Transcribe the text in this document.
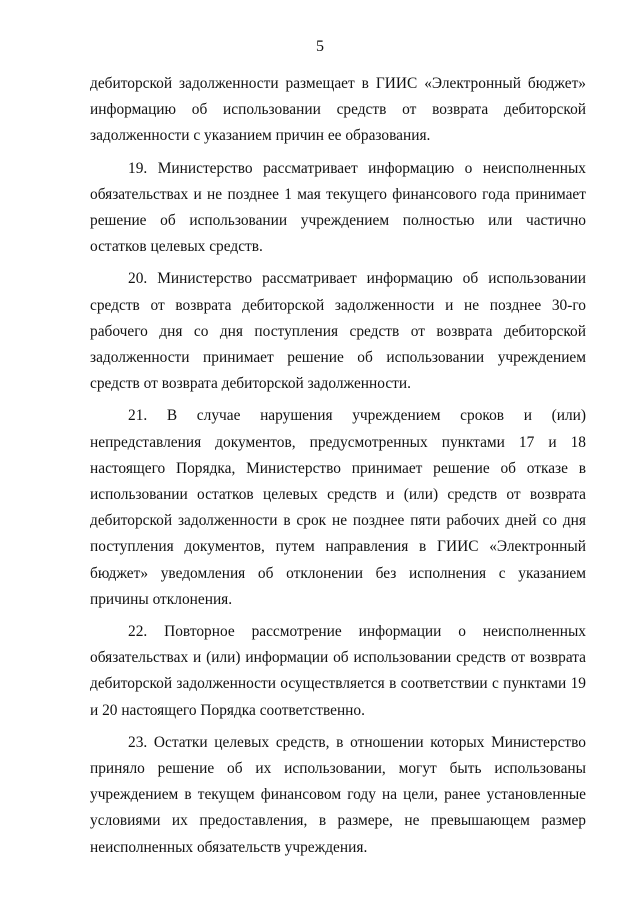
5

дебиторской задолженности размещает в ГИИС «Электронный бюджет» информацию об использовании средств от возврата дебиторской задолженности с указанием причин ее образования.

19. Министерство рассматривает информацию о неисполненных обязательствах и не позднее 1 мая текущего финансового года принимает решение об использовании учреждением полностью или частично остатков целевых средств.

20. Министерство рассматривает информацию об использовании средств от возврата дебиторской задолженности и не позднее 30-го рабочего дня со дня поступления средств от возврата дебиторской задолженности принимает решение об использовании учреждением средств от возврата дебиторской задолженности.

21. В случае нарушения учреждением сроков и (или) непредставления документов, предусмотренных пунктами 17 и 18 настоящего Порядка, Министерство принимает решение об отказе в использовании остатков целевых средств и (или) средств от возврата дебиторской задолженности в срок не позднее пяти рабочих дней со дня поступления документов, путем направления в ГИИС «Электронный бюджет» уведомления об отклонении без исполнения с указанием причины отклонения.

22. Повторное рассмотрение информации о неисполненных обязательствах и (или) информации об использовании средств от возврата дебиторской задолженности осуществляется в соответствии с пунктами 19 и 20 настоящего Порядка соответственно.

23. Остатки целевых средств, в отношении которых Министерство приняло решение об их использовании, могут быть использованы учреждением в текущем финансовом году на цели, ранее установленные условиями их предоставления, в размере, не превышающем размер неисполненных обязательств учреждения.
